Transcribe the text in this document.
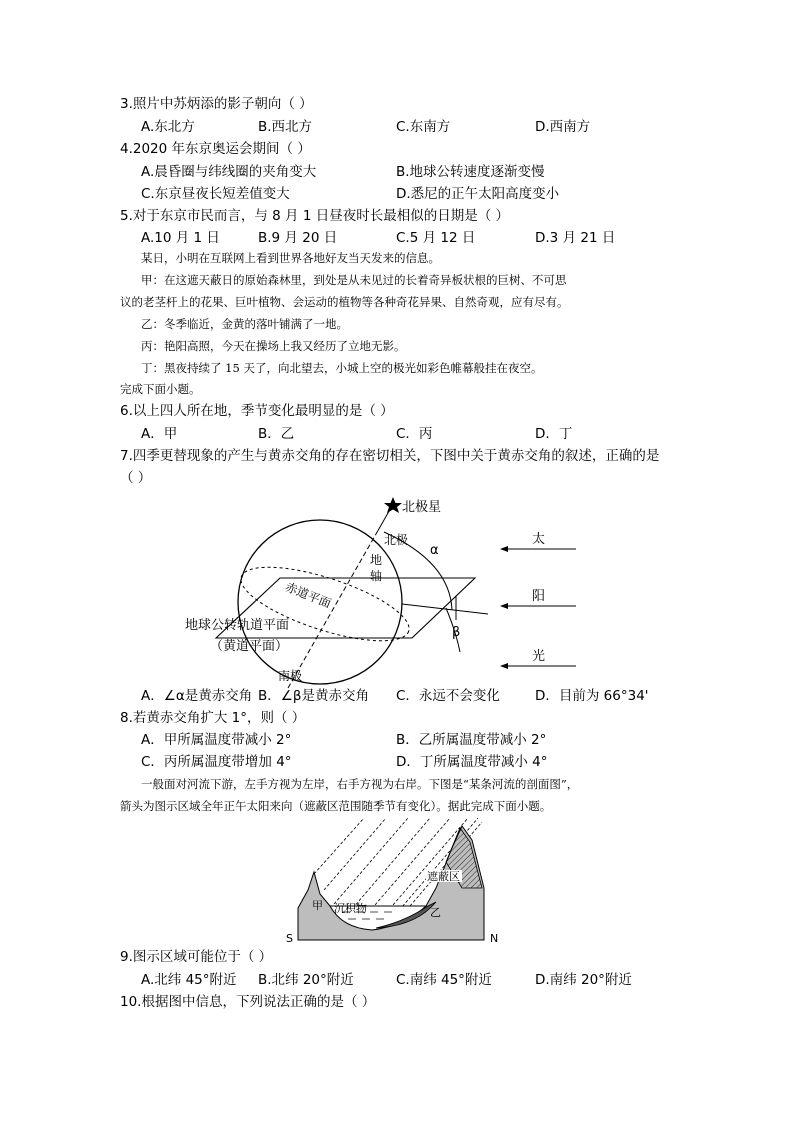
3.照片中苏炳添的影子朝向（ ）
A.东北方	B.西北方	C.东南方	D.西南方
4.2020 年东京奥运会期间（ ）
A.晨昏圈与纬线圈的夹角变大	B.地球公转速度逐渐变慢
C.东京昼夜长短差值变大	D.悉尼的正午太阳高度变小
5.对于东京市民而言，与 8 月 1 日昼夜时长最相似的日期是（ ）
A.10 月 1 日	B.9 月 20 日	C.5 月 12 日	D.3 月 21 日
某日，小明在互联网上看到世界各地好友当天发来的信息。
甲：在这遮天蔽日的原始森林里，到处是从未见过的长着奇异板状根的巨树、不可思
议的老茎杆上的花果、巨叶植物、会运动的植物等各种奇花异果、自然奇观，应有尽有。
乙：冬季临近，金黄的落叶铺满了一地。
丙：艳阳高照，今天在操场上我又经历了立地无影。
丁：黑夜持续了 15 天了，向北望去，小城上空的极光如彩色帷幕般挂在夜空。
完成下面小题。
6.以上四人所在地，季节变化最明显的是（ ）
A．甲	B．乙	C．丙	D．丁
7.四季更替现象的产生与黄赤交角的存在密切相关，下图中关于黄赤交角的叙述，正确的是
（ ）
北极星
北极
地
轴
赤道平面
地球公转轨道平面
（黄道平面）
南极
α
β
太
阳
光
A．∠α是黄赤交角 B．∠β是黄赤交角 C．永远不会变化	D．目前为 66°34'
8.若黄赤交角扩大 1°，则（ ）
A．甲所属温度带减小 2°	B．乙所属温度带减小 2°
C．丙所属温度带增加 4°	D．丁所属温度带减小 4°
一般面对河流下游，左手方视为左岸，右手方视为右岸。下图是“某条河流的剖面图”，
箭头为图示区域全年正午太阳来向（遮蔽区范围随季节有变化）。据此完成下面小题。
遮蔽区
甲
乙
沉积物
S	N
9.图示区域可能位于（ ）
A.北纬 45°附近 B.北纬 20°附近	C.南纬 45°附近	D.南纬 20°附近
10.根据图中信息，下列说法正确的是（ ）
